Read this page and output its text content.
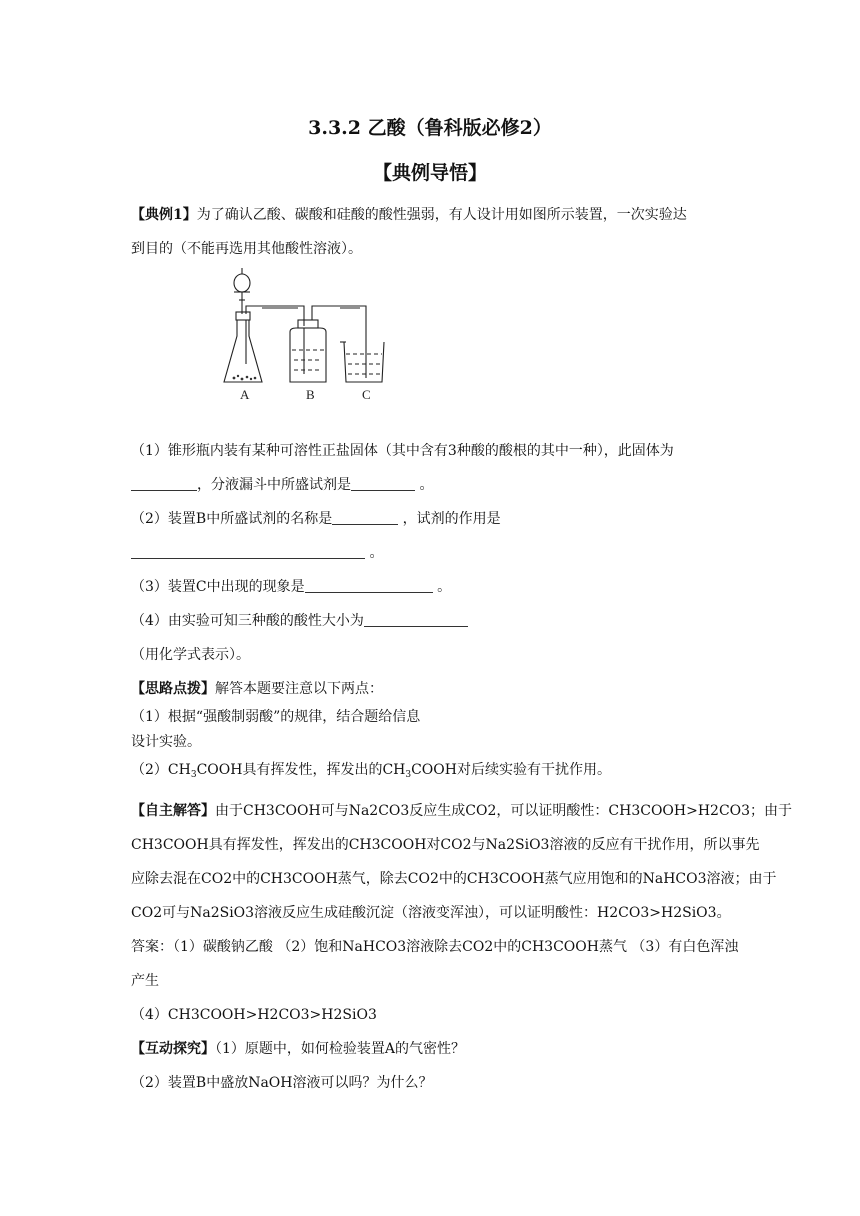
3.3.2 乙酸（鲁科版必修2）
【典例导悟】
【典例1】为了确认乙酸、碳酸和硅酸的酸性强弱，有人设计用如图所示装置，一次实验达
到目的（不能再选用其他酸性溶液）。
A	B	C
（1）锥形瓶内装有某种可溶性正盐固体（其中含有3种酸的酸根的其中一种），此固体为
，分液漏斗中所盛试剂是	。
（2）装置B中所盛试剂的名称是	，试剂的作用是
。
（3）装置C中出现的现象是	。
（4）由实验可知三种酸的酸性大小为
（用化学式表示）。
【思路点拨】解答本题要注意以下两点：
（1）根据“强酸制弱酸”的规律，结合题给信息
设计实验。
$(2)CH_3COOH$具有挥发性，挥发出的$CH_3COOH$对后续实验有干扰作用。
【自主解答】由于CH3COOH可与Na2CO3反应生成CO2，可以证明酸性：CH3COOH>H2CO3；由于
CH3COOH具有挥发性，挥发出的CH3COOH对CO2与Na2SiO3溶液的反应有干扰作用，所以事先
应除去混在CO2中的CH3COOH蒸气，除去CO2中的CH3COOH蒸气应用饱和的NaHCO3溶液；由于
CO2可与Na2SiO3溶液反应生成硅酸沉淀（溶液变浑浊），可以证明酸性：H2CO3>H2SiO3。
答案：（1）碳酸钠乙酸 （2）饱和NaHCO3溶液除去CO2中的CH3COOH蒸气 （3）有白色浑浊
产生
（4）CH3COOH>H2CO3>H2SiO3
【互动探究】（1）原题中，如何检验装置A的气密性？
（2）装置B中盛放NaOH溶液可以吗？为什么？
